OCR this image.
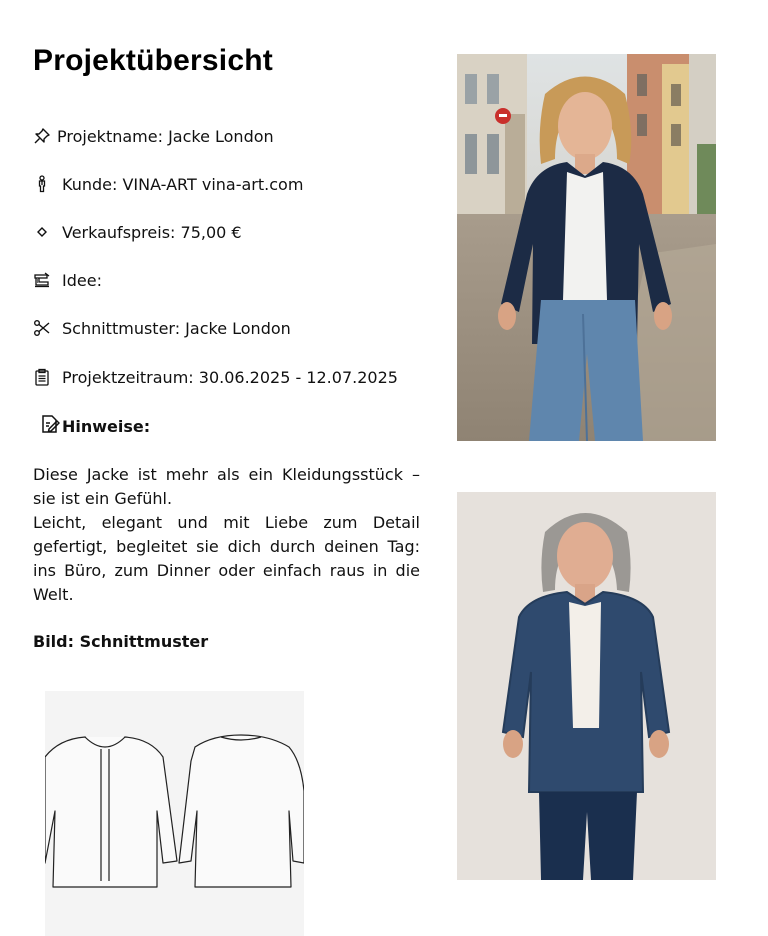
Projektübersicht
Projektname: Jacke London
Kunde: VINA-ART vina-art.com
Verkaufspreis: 75,00 €
Idee:
Schnittmuster: Jacke London
Projektzeitraum: 30.06.2025 - 12.07.2025
Hinweise:

Diese Jacke ist mehr als ein Kleidungsstück – sie ist ein Gefühl.

Leicht, elegant und mit Liebe zum Detail gefertigt, begleitet sie dich durch deinen Tag: ins Büro, zum Dinner oder einfach raus in die Welt.

Bild: Schnittmuster
